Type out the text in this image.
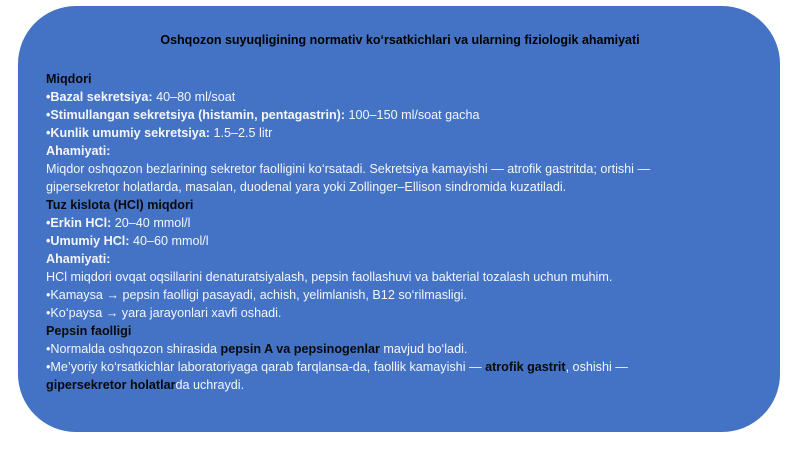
Oshqozon suyuqligining normativ ko‘rsatkichlari va ularning fiziologik ahamiyati
Miqdori
•Bazal sekretsiya: 40–80 ml/soat
•Stimullangan sekretsiya (histamin, pentagastrin): 100–150 ml/soat gacha
•Kunlik umumiy sekretsiya: 1.5–2.5 litr
Ahamiyati:
Miqdor oshqozon bezlarining sekretor faolligini ko‘rsatadi. Sekretsiya kamayishi — atrofik gastritda; ortishi —
gipersekretor holatlarda, masalan, duodenal yara yoki Zollinger–Ellison sindromida kuzatiladi.
Tuz kislota (HCl) miqdori
•Erkin HCl: 20–40 mmol/l
•Umumiy HCl: 40–60 mmol/l
Ahamiyati:
HCl miqdori ovqat oqsillarini denaturatsiyalash, pepsin faollashuvi va bakterial tozalash uchun muhim.
•Kamaysa → pepsin faolligi pasayadi, achish, yelimlanish, B12 so‘rilmasligi.
•Ko‘paysa → yara jarayonlari xavfi oshadi.
Pepsin faolligi
•Normalda oshqozon shirasida pepsin A va pepsinogenlar mavjud bo‘ladi.
•Me’yoriy ko‘rsatkichlar laboratoriyaga qarab farqlansa-da, faollik kamayishi — atrofik gastrit, oshishi —
gipersekretor holatlarda uchraydi.
